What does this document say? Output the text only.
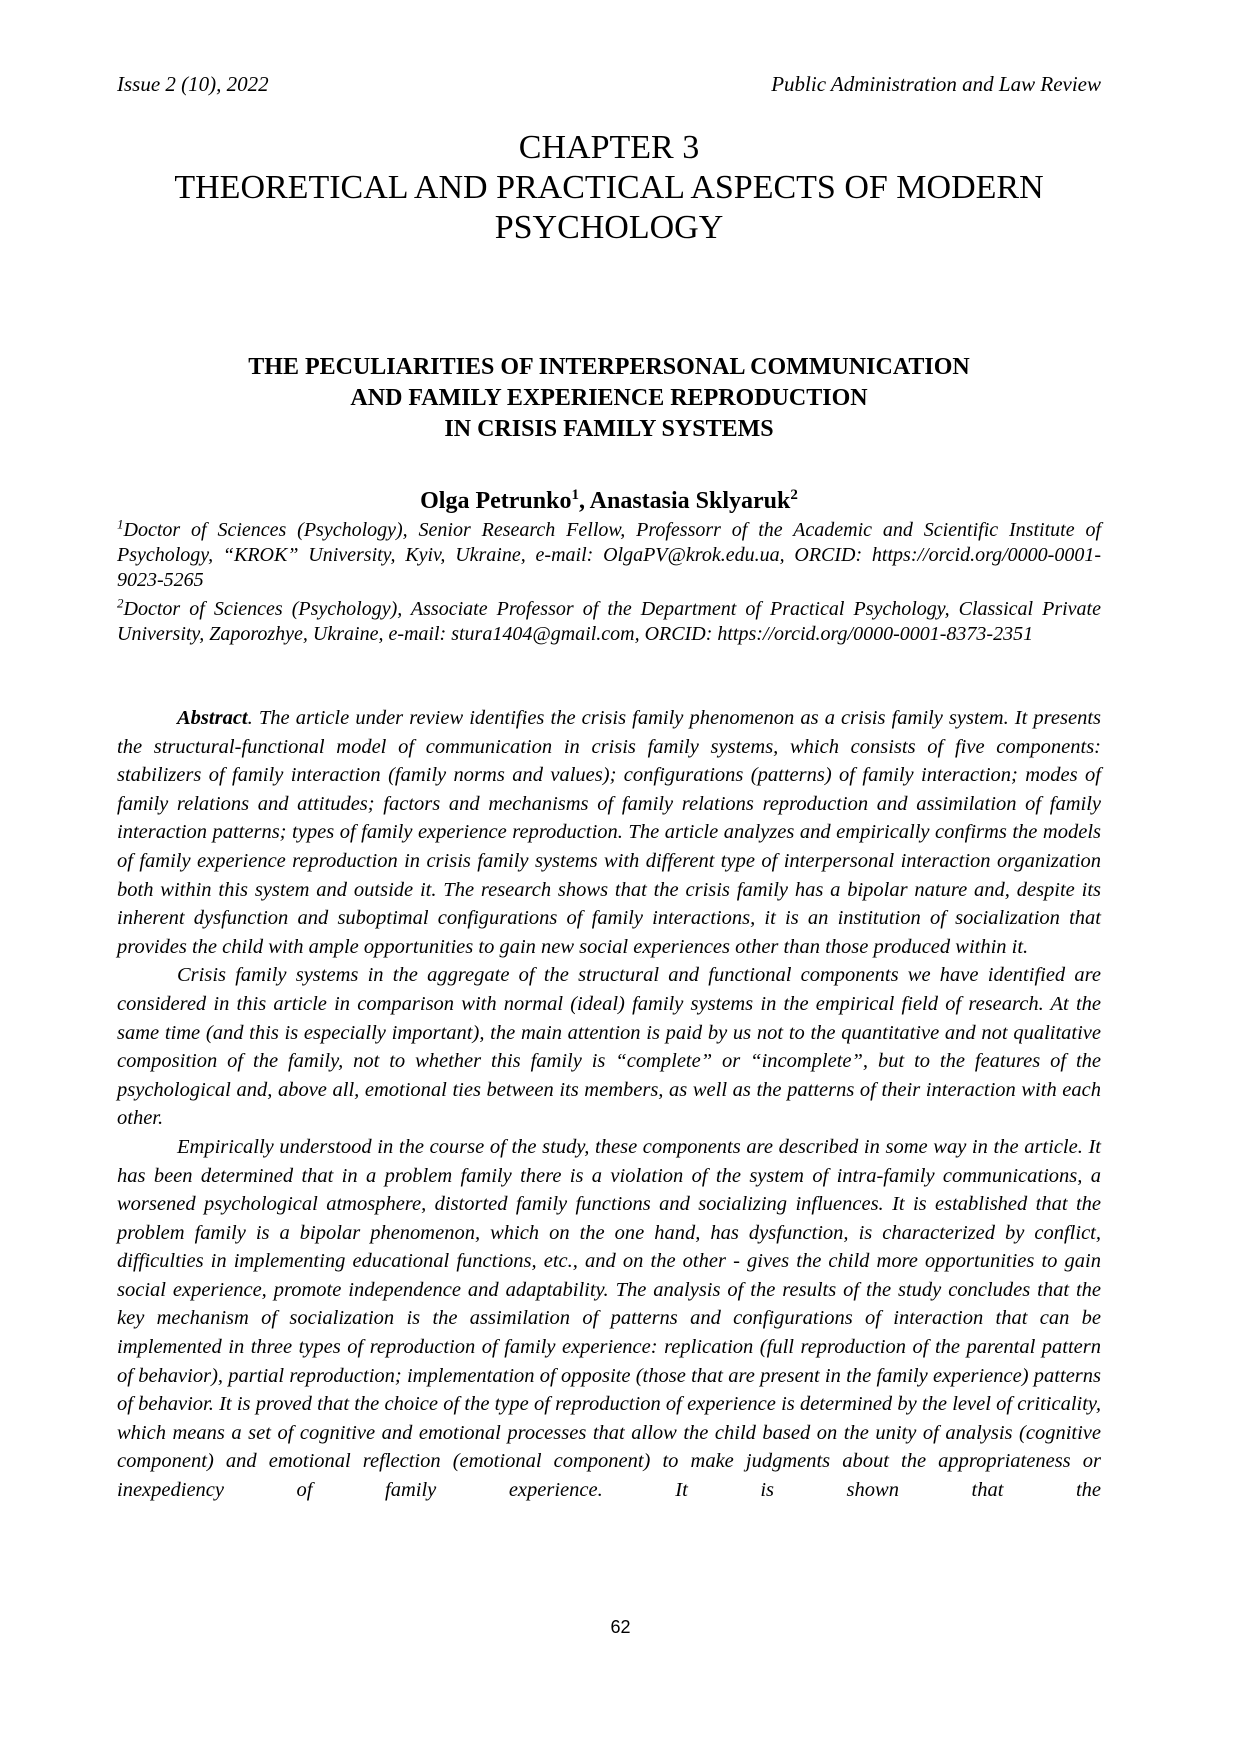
Issue 2 (10), 2022	Public Administration and Law Review
CHAPTER 3
THEORETICAL AND PRACTICAL ASPECTS OF MODERN
PSYCHOLOGY
THE PECULIARITIES OF INTERPERSONAL COMMUNICATION
AND FAMILY EXPERIENCE REPRODUCTION
IN CRISIS FAMILY SYSTEMS
Olga Petrunko$^1$, Anastasia Sklyaruk$^2$
$^1$Doctor of Sciences (Psychology), Senior Research Fellow, Professorr of the Academic and Scientific Institute of Psychology, “KROK” University, Kyiv, Ukraine, e-mail: OlgaPV@krok.edu.ua, ORCID: https://orcid.org/0000-0001-9023-5265
$^2$Doctor of Sciences (Psychology), Associate Professor of the Department of Practical Psychology, Classical Private University, Zaporozhye, Ukraine, e-mail: stura1404@gmail.com, ORCID: https://orcid.org/0000-0001-8373-2351

Abstract. The article under review identifies the crisis family phenomenon as a crisis family system. It presents the structural-functional model of communication in crisis family systems, which consists of five components: stabilizers of family interaction (family norms and values); configurations (patterns) of family interaction; modes of family relations and attitudes; factors and mechanisms of family relations reproduction and assimilation of family interaction patterns; types of family experience reproduction. The article analyzes and empirically confirms the models of family experience reproduction in crisis family systems with different type of interpersonal interaction organization both within this system and outside it. The research shows that the crisis family has a bipolar nature and, despite its inherent dysfunction and suboptimal configurations of family interactions, it is an institution of socialization that provides the child with ample opportunities to gain new social experiences other than those produced within it.

Crisis family systems in the aggregate of the structural and functional components we have identified are considered in this article in comparison with normal (ideal) family systems in the empirical field of research. At the same time (and this is especially important), the main attention is paid by us not to the quantitative and not qualitative composition of the family, not to whether this family is “complete” or “incomplete”, but to the features of the psychological and, above all, emotional ties between its members, as well as the patterns of their interaction with each other.

Empirically understood in the course of the study, these components are described in some way in the article. It has been determined that in a problem family there is a violation of the system of intra-family communications, a worsened psychological atmosphere, distorted family functions and socializing influences. It is established that the problem family is a bipolar phenomenon, which on the one hand, has dysfunction, is characterized by conflict, difficulties in implementing educational functions, etc., and on the other - gives the child more opportunities to gain social experience, promote independence and adaptability. The analysis of the results of the study concludes that the key mechanism of socialization is the assimilation of patterns and configurations of interaction that can be implemented in three types of reproduction of family experience: replication (full reproduction of the parental pattern of behavior), partial reproduction; implementation of opposite (those that are present in the family experience) patterns of behavior. It is proved that the choice of the type of reproduction of experience is determined by the level of criticality, which means a set of cognitive and emotional processes that allow the child based on the unity of analysis (cognitive component) and emotional reflection (emotional component) to make judgments about the appropriateness or inexpediency of family experience. It is shown that the

62
